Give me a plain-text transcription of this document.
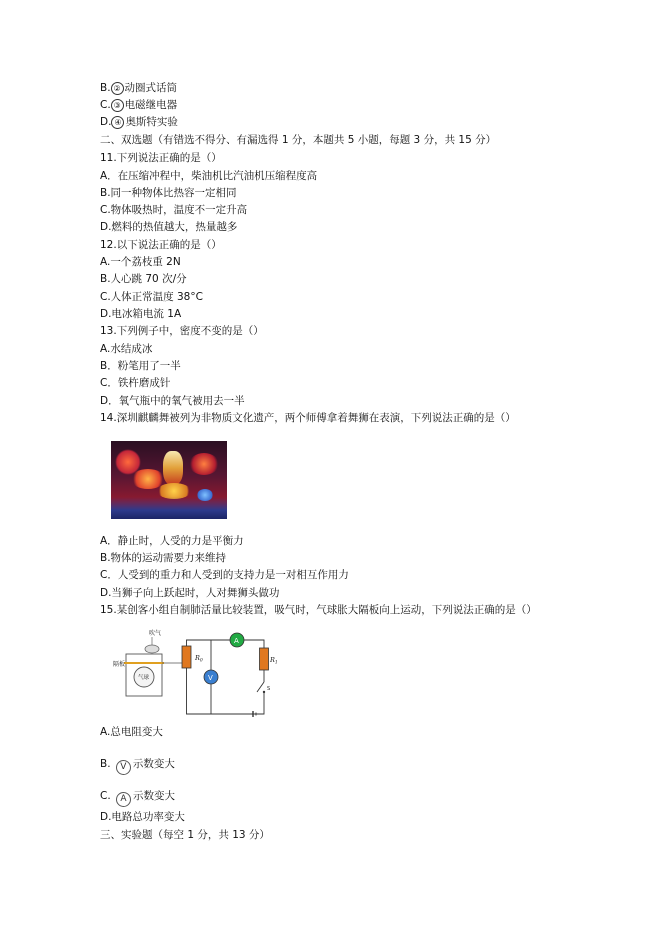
B. ② 动圈式话筒
C. ③ 电磁继电器
D. ④ 奥斯特实验
二、双选题（有错选不得分、有漏选得 1 分，本题共 5 小题，每题 3 分，共 15 分）
11.下列说法正确的是（）
A．在压缩冲程中，柴油机比汽油机压缩程度高
B.同一种物体比热容一定相同
C.物体吸热时，温度不一定升高
D.燃料的热值越大，热量越多
12.以下说法正确的是（）
A.一个荔枝重 2N
B.人心跳 70 次/分
C.人体正常温度 38°C
D.电冰箱电流 1A
13.下列例子中，密度不变的是（）
A.水结成冰
B．粉笔用了一半
C．铁杵磨成针
D．氧气瓶中的氧气被用去一半
14.深圳麒麟舞被列为非物质文化遗产，两个师傅拿着舞狮在表演，下列说法正确的是（）
A．静止时，人受的力是平衡力
B.物体的运动需要力来维持
C．人受到的重力和人受到的支持力是一对相互作用力
D.当狮子向上跃起时，人对舞狮头做功
15.某创客小组自制肺活量比较装置，吸气时，气球胀大隔板向上运动，下列说法正确的是（）
吹气
隔板
气球
$R_0$
A
V
$R_1$
S
A.总电阻变大
B. V 示数变大
C. A 示数变大
D.电路总功率变大
三、实验题（每空 1 分，共 13 分）
